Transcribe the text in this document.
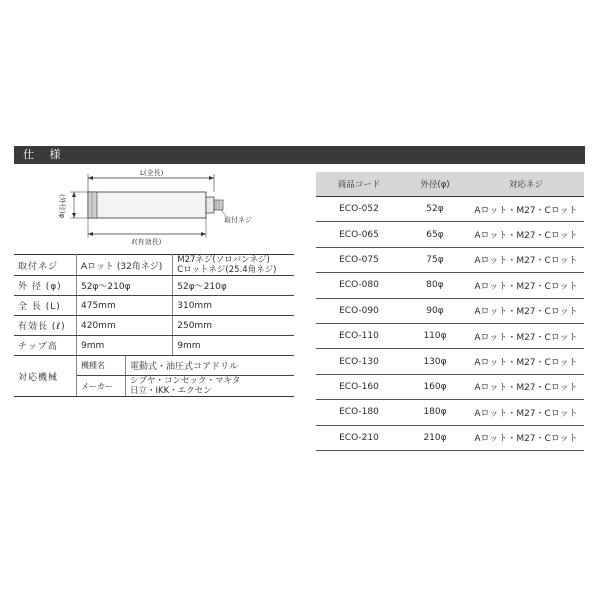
仕 様
L(全長)
取付ネジ
(外径)φ
ℓ(有効長)
取付ネジ	Aロット (32角ネジ)		M27ネジ(ソロバンネジ)
Cロットネジ(25.4角ネジ)

外 径 (φ)	52φ～210φ		52φ～210φ
全 長 (L)	475mm		310mm
有効長 (ℓ)	420mm		250mm
チップ高	9mm		9mm
対応機械	機種名	電動式・油圧式コアドリル	
	メーカー	シブヤ・コンセック・マキタ
日立・IKK・エクセン	
商品コード	外径(φ)	対応ネジ
ECO-052	52φ	Aロット・M27・Cロット
ECO-065	65φ	Aロット・M27・Cロット
ECO-075	75φ	Aロット・M27・Cロット
ECO-080	80φ	Aロット・M27・Cロット
ECO-090	90φ	Aロット・M27・Cロット
ECO-110	110φ	Aロット・M27・Cロット
ECO-130	130φ	Aロット・M27・Cロット
ECO-160	160φ	Aロット・M27・Cロット
ECO-180	180φ	Aロット・M27・Cロット
ECO-210	210φ	Aロット・M27・Cロット
